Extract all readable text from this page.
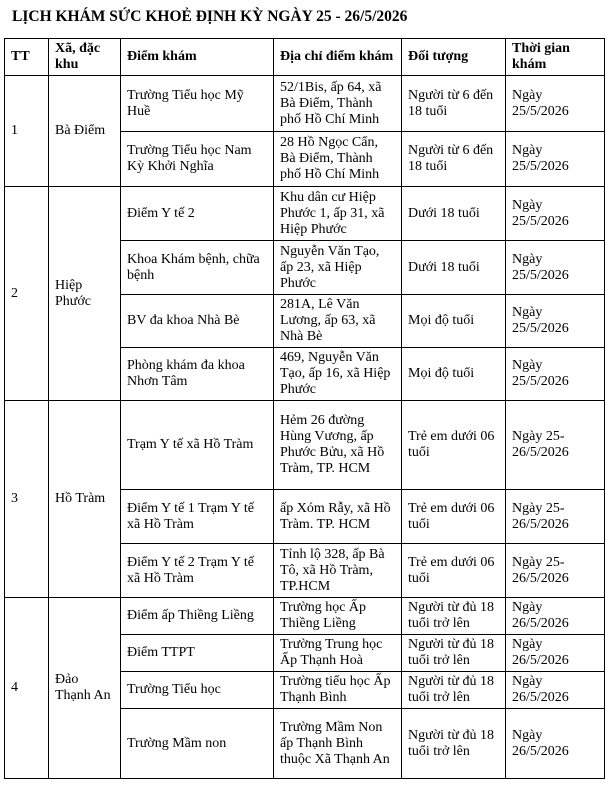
LỊCH KHÁM SỨC KHOẺ ĐỊNH KỲ NGÀY 25 - 26/5/2026
TT	Xã, đặc khu	Điểm khám	Địa chỉ điểm khám	Đối tượng	Thời gian khám
1	Bà Điểm	Trường Tiểu học Mỹ Huề	52/1Bis, ấp 64, xã Bà Điểm, Thành phố Hồ Chí Minh	Người từ 6 đến 18 tuổi	Ngày 25/5/2026
		Trường Tiểu học Nam Kỳ Khởi Nghĩa	28 Hồ Ngọc Cẩn, Bà Điểm, Thành phố Hồ Chí Minh	Người từ 6 đến 18 tuổi	Ngày 25/5/2026
2	Hiệp Phước	Điểm Y tế 2	Khu dân cư Hiệp Phước 1, ấp 31, xã Hiệp Phước	Dưới 18 tuổi	Ngày 25/5/2026
		Khoa Khám bệnh, chữa bệnh	Nguyễn Văn Tạo, ấp 23, xã Hiệp Phước	Dưới 18 tuổi	Ngày 25/5/2026
		BV đa khoa Nhà Bè	281A, Lê Văn Lương, ấp 63, xã Nhà Bè	Mọi độ tuổi	Ngày 25/5/2026
		Phòng khám đa khoa Nhơn Tâm	469, Nguyễn Văn Tạo, ấp 16, xã Hiệp Phước	Mọi độ tuổi	Ngày 25/5/2026
3	Hồ Tràm	Trạm Y tế xã Hồ Tràm	Hẻm 26 đường Hùng Vương, ấp Phước Bửu, xã Hồ Tràm, TP. HCM	Trẻ em dưới 06 tuổi	Ngày 25-26/5/2026
		Điểm Y tế 1 Trạm Y tế xã Hồ Tràm	ấp Xóm Rẫy, xã Hồ Tràm. TP. HCM	Trẻ em dưới 06 tuổi	Ngày 25-26/5/2026
		Điểm Y tế 2 Trạm Y tế xã Hồ Tràm	Tỉnh lộ 328, ấp Bà Tô, xã Hồ Tràm, TP.HCM	Trẻ em dưới 06 tuổi	Ngày 25-26/5/2026
4	Đảo Thạnh An	Điểm ấp Thiềng Liềng	Trường học Ấp Thiềng Liềng	Người từ đủ 18 tuổi trở lên	Ngày 26/5/2026
		Điểm TTPT	Trường Trung học Ấp Thạnh Hoà	Người từ đủ 18 tuổi trở lên	Ngày 26/5/2026
		Trường Tiểu học	Trường tiểu học Ấp Thạnh Bình	Người từ đủ 18 tuổi trở lên	Ngày 26/5/2026
		Trường Mầm non	Trường Mầm Non ấp Thạnh Bình thuộc Xã Thạnh An	Người từ đủ 18 tuổi trở lên	Ngày 26/5/2026
